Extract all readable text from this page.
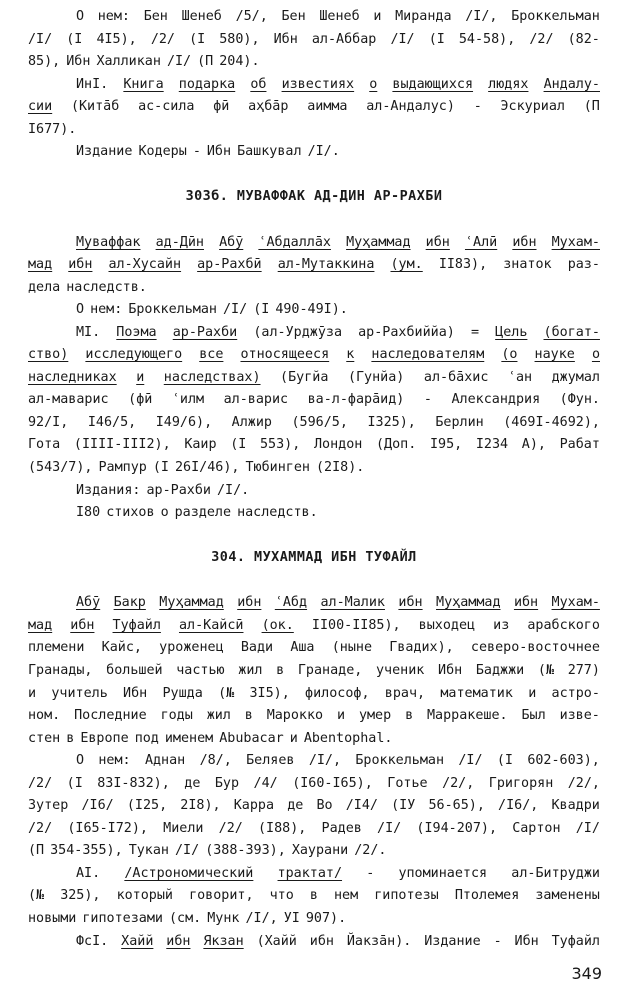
О нем: Бен Шенеб /5/, Бен Шенеб и Миранда /I/, Броккельман
/I/ (I 4I5), /2/ (I 580), Ибн ал-Аббар /I/ (I 54-58), /2/ (82-
85), Ибн Халликан /I/ (П 204).
ИнI. Книга подарка об известиях о выдающихся людях Андалу-
сии (Китāб ас-сила фӣ аҳбāр аимма ал-Андалус) - Эскуриал (П
I677).
Издание Кодеры - Ибн Башкувал /I/.
303б. МУВАФФАК АД-ДИН АР-РАХБИ
Муваффак ад-Дӣн Абӯ ʿАбдаллāх Муҳаммад ибн ʿАлӣ ибн Мухам-
мад ибн ал-Хусайн ар-Рахбӣ ал-Мутаккина (ум. II83), знаток раз-
дела наследств.
О нем: Броккельман /I/ (I 490-49I).
МI. Поэма ар-Рахби (ал-Урджӯза ар-Рахбиййа) = Цель (богат-
ство) исследующего все относящееся к наследователям (о науке о
наследниках и наследствах) (Бугйа (Гунйа) ал-бāхиc ʿан джумал
ал-маваpис (фӣ ʿилм ал-варис ва-л-фарāид) - Александрия (Фун.
92/I, I46/5, I49/6), Алжир (596/5, I325), Берлин (469I-4692),
Гота (IIII-III2), Каир (I 553), Лондон (Доп. I95, I234 А), Рабат
(543/7), Рампур (I 26I/46), Тюбинген (2I8).
Издания: ар-Рахби /I/.
I80 стихов о разделе наследств.
304. МУХАММАД ИБН ТУФАЙЛ
Абӯ Бакр Муҳаммад ибн ʿАбд ал-Малик ибн Муҳаммад ибн Мухам-
мад ибн Туфайл ал-Кайсӣ (ок. II00-II85), выходец из арабского
племени Кайс, уроженец Вади Аша (ныне Гвадих), северо-восточнее
Гранады, большей частью жил в Гранаде, ученик Ибн Баджжи (№ 277)
и учитель Ибн Рушда (№ 3I5), философ, врач, математик и астро-
ном. Последние годы жил в Марокко и умер в Марракеше. Был изве-
стен в Европе под именем Abubacar и Abentophal.
О нем: Аднан /8/, Беляев /I/, Броккельман /I/ (I 602-603),
/2/ (I 83I-832), де Бур /4/ (I60-I65), Готье /2/, Григорян /2/,
Зутер /I6/ (I25, 2I8), Карра де Во /I4/ (IУ 56-65), /I6/, Квадри
/2/ (I65-I72), Миели /2/ (I88), Радев /I/ (I94-207), Сартон /I/
(П 354-355), Тукан /I/ (388-393), Хаурани /2/.
АI. /Астрономический трактат/ - упоминается ал-Битруджи
(№ 325), который говорит, что в нем гипотезы Птолемея заменены
новыми гипотезами (см. Мунк /I/, УI 907).
ФсI. Хайй ибн Якзан (Хайй ибн Йакзāн). Издание - Ибн Туфайл
349
